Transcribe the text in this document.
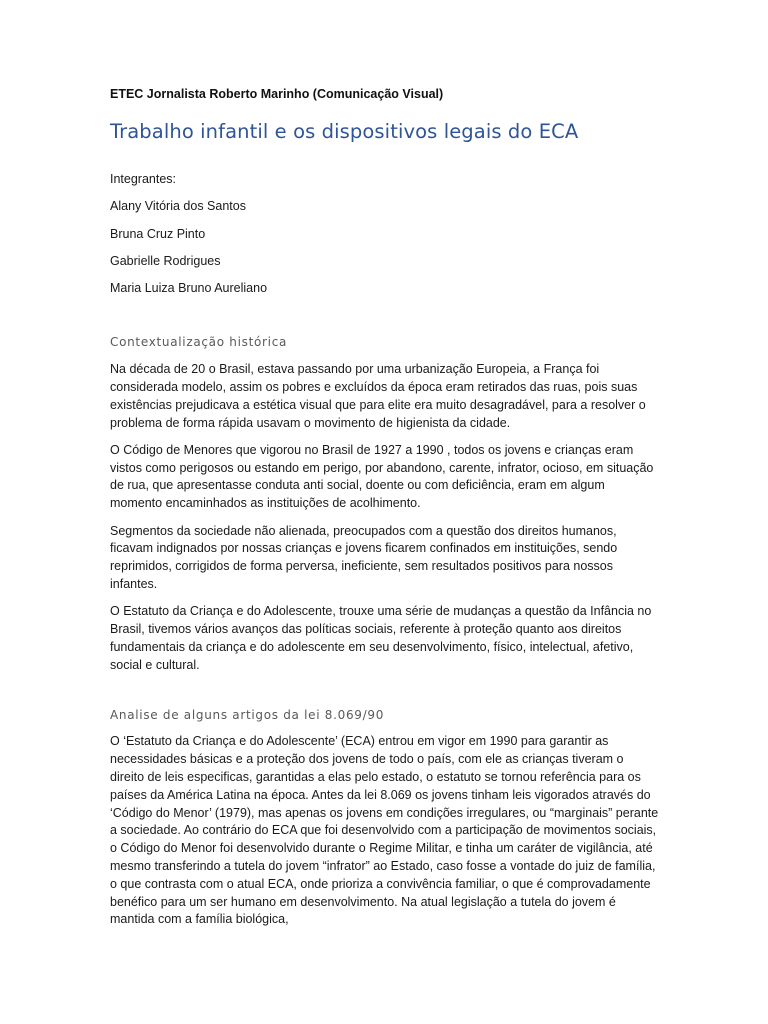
ETEC Jornalista Roberto Marinho (Comunicação Visual)

Trabalho infantil e os dispositivos legais do ECA

Integrantes:

Alany Vitória dos Santos
Bruna Cruz Pinto
Gabrielle Rodrigues
Maria Luiza Bruno Aureliano
Contextualização histórica

Na década de 20 o Brasil, estava passando por uma urbanização Europeia, a França foi considerada modelo, assim os pobres e excluídos da época eram retirados das ruas, pois suas existências prejudicava a estética visual que para elite era muito desagradável, para a resolver o problema de forma rápida usavam o movimento de higienista da cidade.

O Código de Menores que vigorou no Brasil de 1927 a 1990 , todos os jovens e crianças eram vistos como perigosos ou estando em perigo, por abandono, carente, infrator, ocioso, em situação de rua, que apresentasse conduta anti social, doente ou com deficiência, eram em algum momento encaminhados as instituições de acolhimento.

Segmentos da sociedade não alienada, preocupados com a questão dos direitos humanos, ficavam indignados por nossas crianças e jovens ficarem confinados em instituições, sendo reprimidos, corrigidos de forma perversa, ineficiente, sem resultados positivos para nossos infantes.

O Estatuto da Criança e do Adolescente, trouxe uma série de mudanças a questão da Infância no Brasil, tivemos vários avanços das políticas sociais, referente à proteção quanto aos direitos fundamentais da criança e do adolescente em seu desenvolvimento, físico, intelectual, afetivo, social e cultural.

Analise de alguns artigos da lei 8.069/90

O ‘Estatuto da Criança e do Adolescente’ (ECA) entrou em vigor em 1990 para garantir as necessidades básicas e a proteção dos jovens de todo o país, com ele as crianças tiveram o direito de leis especificas, garantidas a elas pelo estado, o estatuto se tornou referência para os países da América Latina na época. Antes da lei 8.069 os jovens tinham leis vigorados através do ‘Código do Menor’ (1979), mas apenas os jovens em condições irregulares, ou “marginais” perante a sociedade. Ao contrário do ECA que foi desenvolvido com a participação de movimentos sociais, o Código do Menor foi desenvolvido durante o Regime Militar, e tinha um caráter de vigilância, até mesmo transferindo a tutela do jovem “infrator” ao Estado, caso fosse a vontade do juiz de família, o que contrasta com o atual ECA, onde prioriza a convivência familiar, o que é comprovadamente benéfico para um ser humano em desenvolvimento. Na atual legislação a tutela do jovem é mantida com a família biológica,
